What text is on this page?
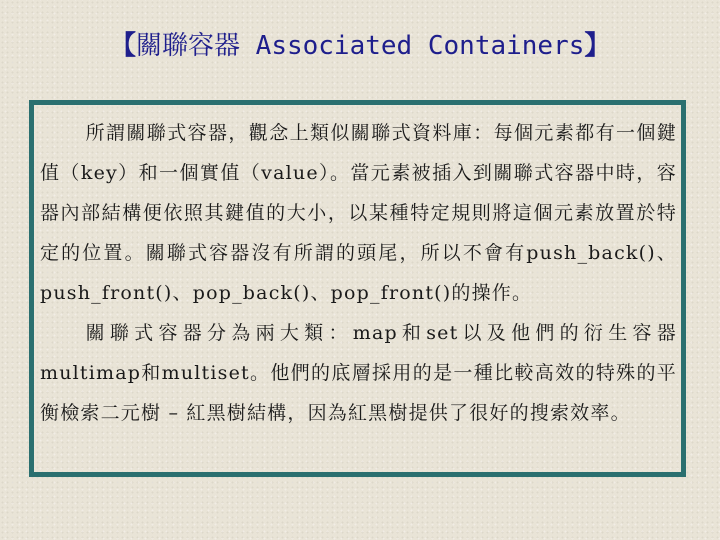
【關聯容器 Associated Containers】

所謂關聯式容器，觀念上類似關聯式資料庫：每個元素都有一個鍵值（key）和一個實值（value）。當元素被插入到關聯式容器中時，容器內部結構便依照其鍵值的大小，以某種特定規則將這個元素放置於特定的位置。關聯式容器沒有所謂的頭尾，所以不會有push_back()、push_front()、pop_back()、pop_front()的操作。

關聯式容器分為兩大類：map和set以及他們的衍生容器multimap和multiset。他們的底層採用的是一種比較高效的特殊的平衡檢索二元樹 – 紅黑樹結構，因為紅黑樹提供了很好的搜索效率。
